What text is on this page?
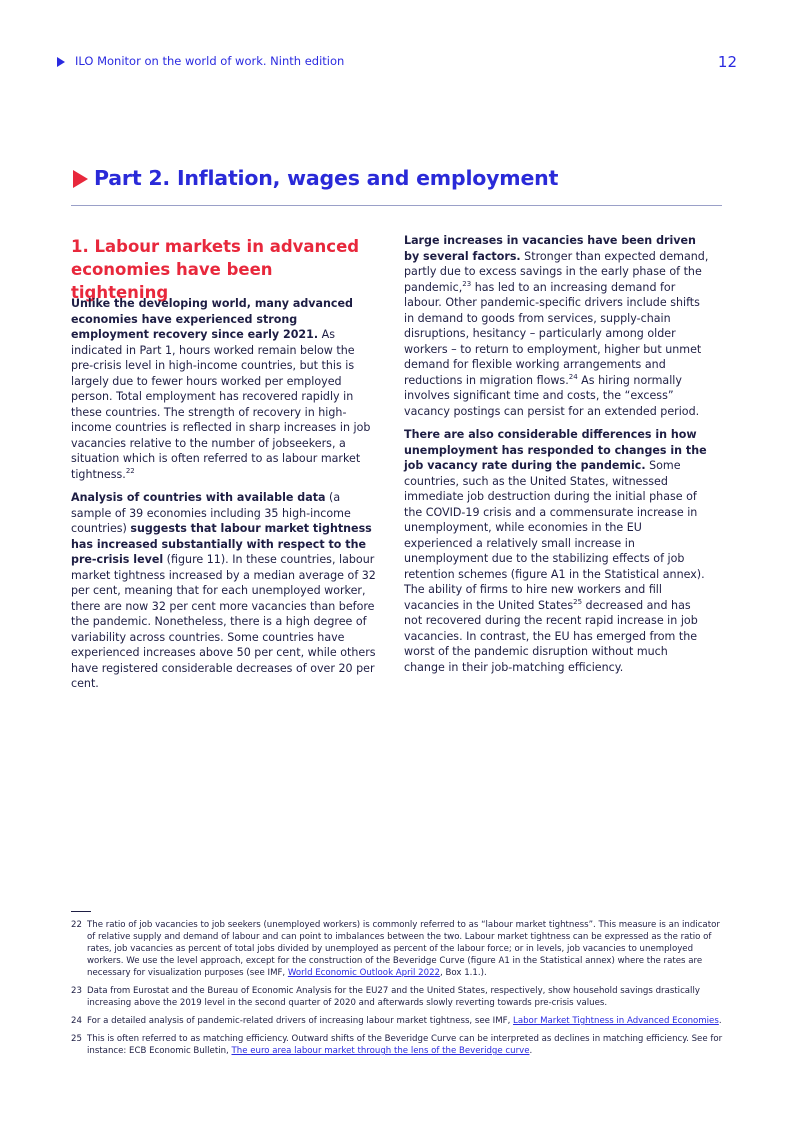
ILO Monitor on the world of work. Ninth edition	12
Part 2. Inflation, wages and employment
1. Labour markets in advanced economies have been tightening

Unlike the developing world, many advanced economies have experienced strong employment recovery since early 2021. As indicated in Part 1, hours worked remain below the pre-crisis level in high-income countries, but this is largely due to fewer hours worked per employed person. Total employment has recovered rapidly in these countries. The strength of recovery in high-income countries is reflected in sharp increases in job vacancies relative to the number of jobseekers, a situation which is often referred to as labour market tightness.$^{22}$

Analysis of countries with available data (a sample of 39 economies including 35 high-income countries) suggests that labour market tightness has increased substantially with respect to the pre-crisis level (figure 11). In these countries, labour market tightness increased by a median average of 32 per cent, meaning that for each unemployed worker, there are now 32 per cent more vacancies than before the pandemic. Nonetheless, there is a high degree of variability across countries. Some countries have experienced increases above 50 per cent, while others have registered considerable decreases of over 20 per cent.

Large increases in vacancies have been driven by several factors. Stronger than expected demand, partly due to excess savings in the early phase of the pandemic,$^{23}$ has led to an increasing demand for labour. Other pandemic-specific drivers include shifts in demand to goods from services, supply-chain disruptions, hesitancy – particularly among older workers – to return to employment, higher but unmet demand for flexible working arrangements and reductions in migration flows.$^{24}$ As hiring normally involves significant time and costs, the “excess” vacancy postings can persist for an extended period.

There are also considerable differences in how unemployment has responded to changes in the job vacancy rate during the pandemic. Some countries, such as the United States, witnessed immediate job destruction during the initial phase of the COVID-19 crisis and a commensurate increase in unemployment, while economies in the EU experienced a relatively small increase in unemployment due to the stabilizing effects of job retention schemes (figure A1 in the Statistical annex). The ability of firms to hire new workers and fill vacancies in the United States$^{25}$ decreased and has not recovered during the recent rapid increase in job vacancies. In contrast, the EU has emerged from the worst of the pandemic disruption without much change in their job-matching efficiency.

22 The ratio of job vacancies to job seekers (unemployed workers) is commonly referred to as “labour market tightness”. This measure is an indicator of relative supply and demand of labour and can point to imbalances between the two. Labour market tightness can be expressed as the ratio of rates, job vacancies as percent of total jobs divided by unemployed as percent of the labour force; or in levels, job vacancies to unemployed workers. We use the level approach, except for the construction of the Beveridge Curve (figure A1 in the Statistical annex) where the rates are necessary for visualization purposes (see IMF, World Economic Outlook April 2022, Box 1.1.).
23 Data from Eurostat and the Bureau of Economic Analysis for the EU27 and the United States, respectively, show household savings drastically increasing above the 2019 level in the second quarter of 2020 and afterwards slowly reverting towards pre-crisis values.
24 For a detailed analysis of pandemic-related drivers of increasing labour market tightness, see IMF, Labor Market Tightness in Advanced Economies.
25 This is often referred to as matching efficiency. Outward shifts of the Beveridge Curve can be interpreted as declines in matching efficiency. See for instance: ECB Economic Bulletin, The euro area labour market through the lens of the Beveridge curve.
